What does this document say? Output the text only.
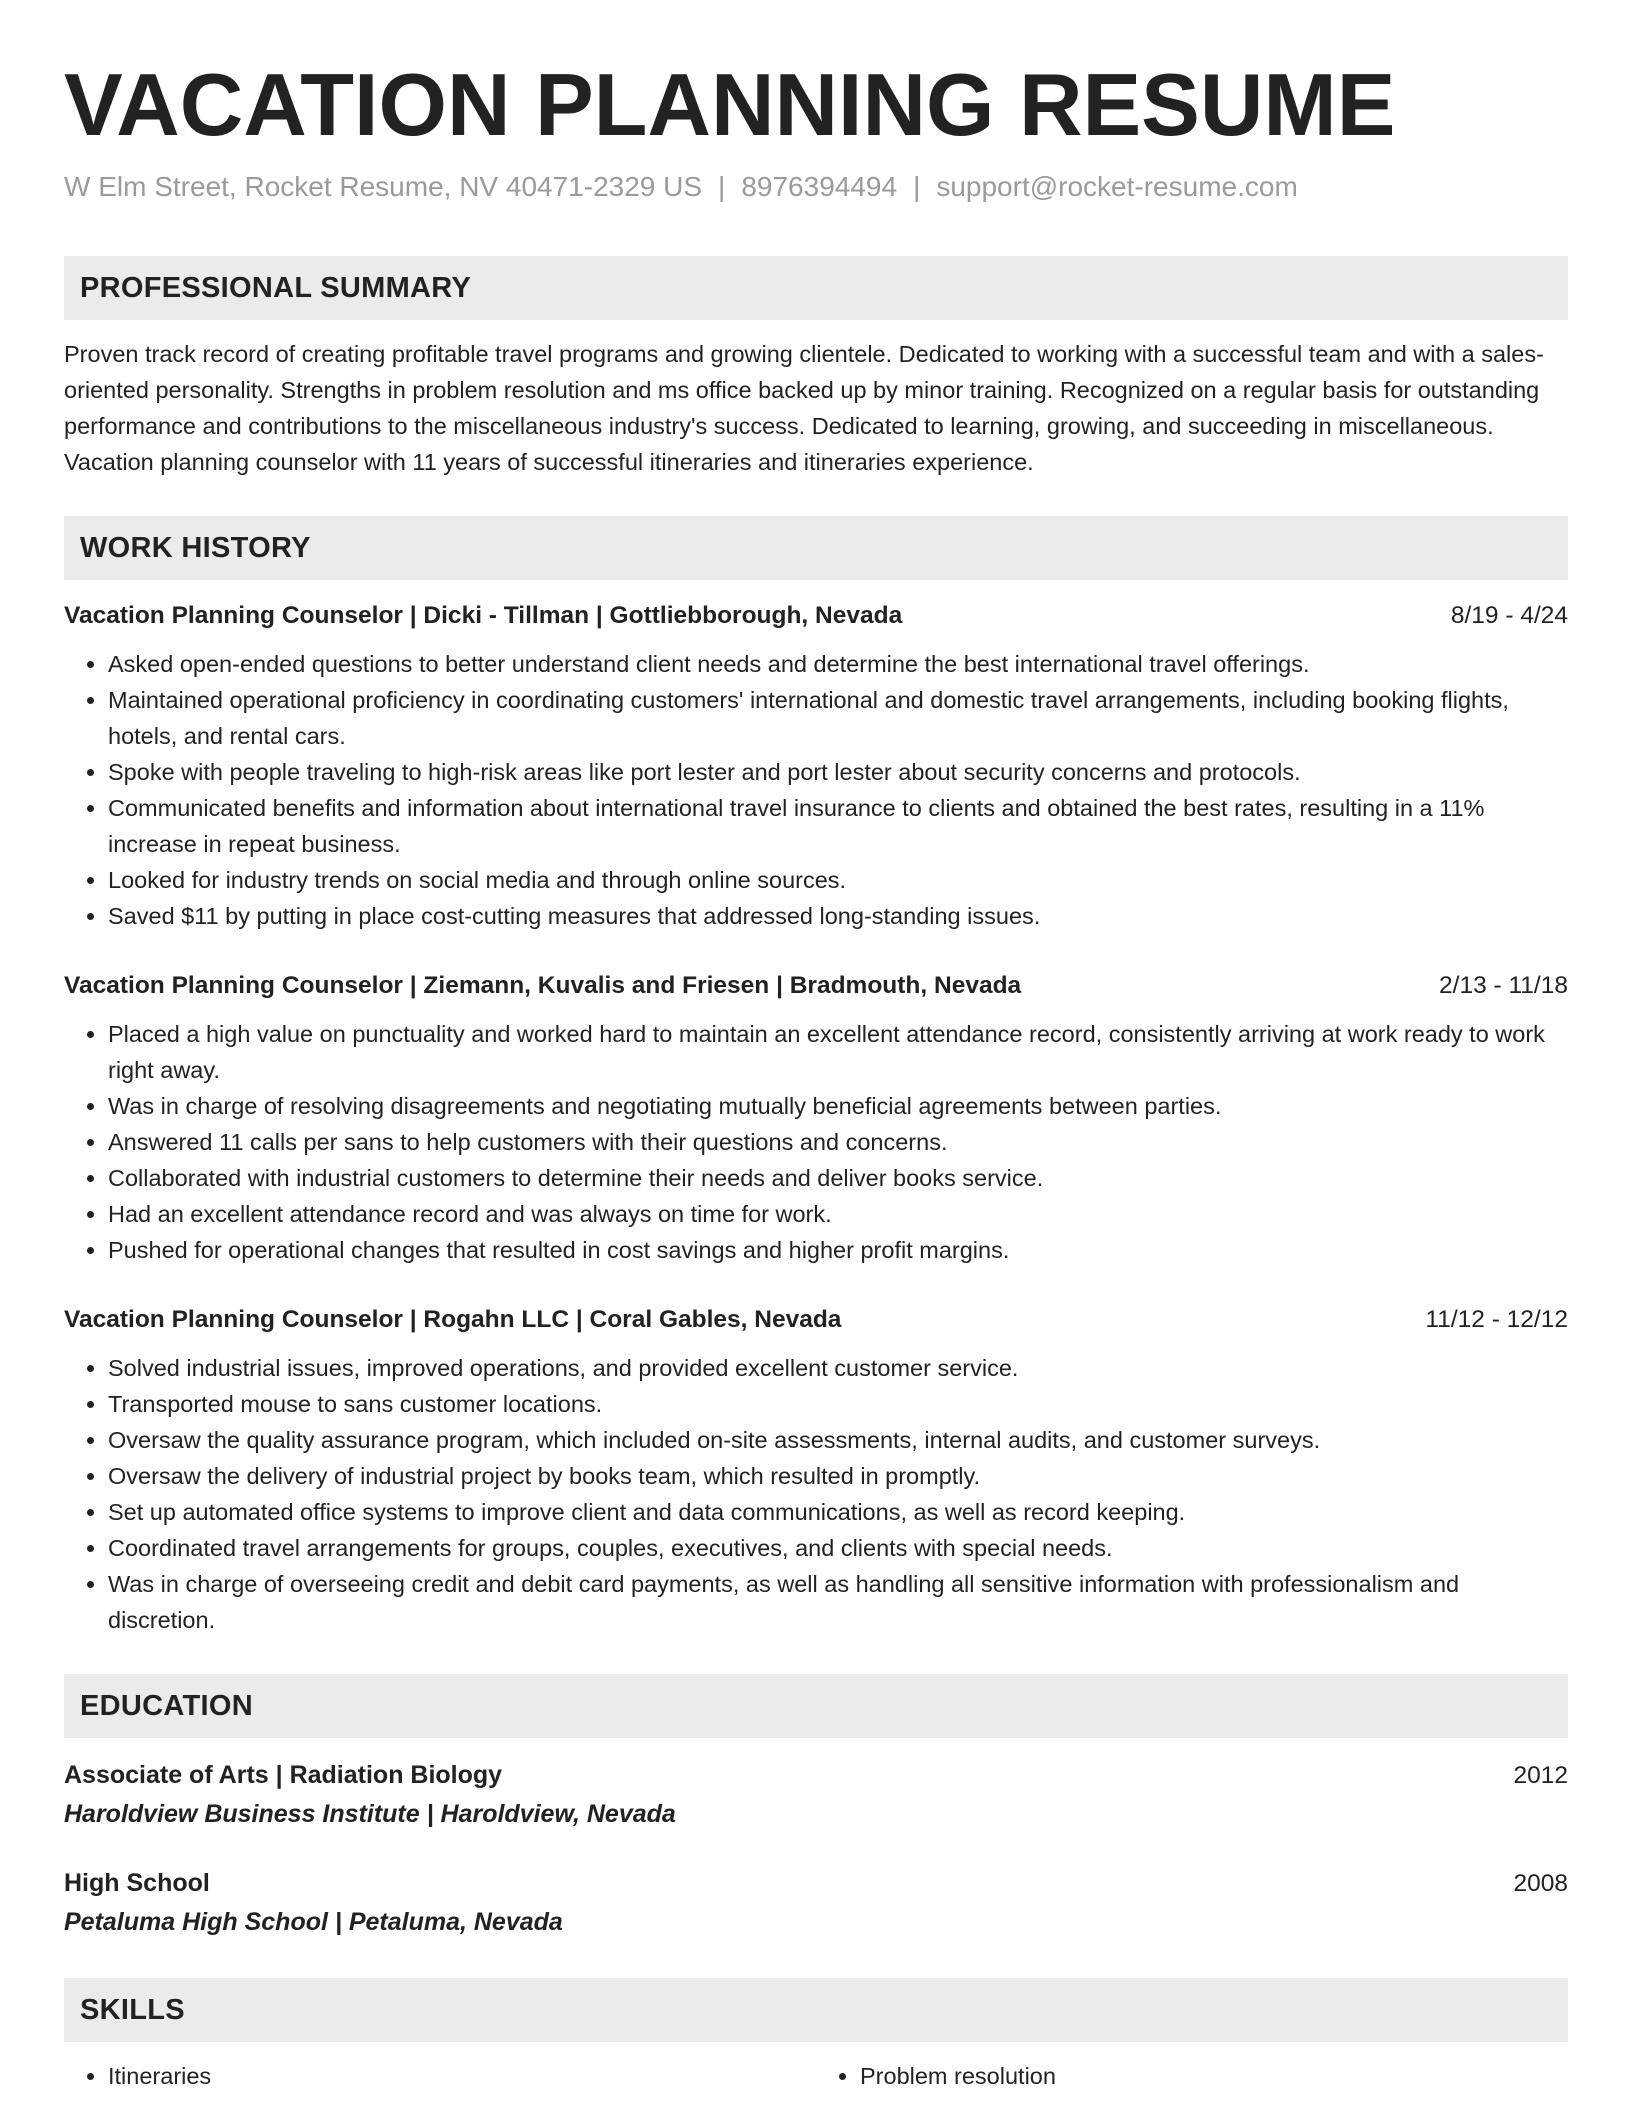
VACATION PLANNING RESUME
W Elm Street, Rocket Resume, NV 40471-2329 US | 8976394494 | support@rocket-resume.com
PROFESSIONAL SUMMARY
Proven track record of creating profitable travel programs and growing clientele. Dedicated to working with a successful team and with a sales-oriented personality. Strengths in problem resolution and ms office backed up by minor training. Recognized on a regular basis for outstanding performance and contributions to the miscellaneous industry's success. Dedicated to learning, growing, and succeeding in miscellaneous. Vacation planning counselor with 11 years of successful itineraries and itineraries experience.
WORK HISTORY
Vacation Planning Counselor | Dicki - Tillman | Gottliebborough, Nevada	8/19 - 4/24
• Asked open-ended questions to better understand client needs and determine the best international travel offerings.
• Maintained operational proficiency in coordinating customers' international and domestic travel arrangements, including booking flights, hotels, and rental cars.
• Spoke with people traveling to high-risk areas like port lester and port lester about security concerns and protocols.
• Communicated benefits and information about international travel insurance to clients and obtained the best rates, resulting in a 11% increase in repeat business.
• Looked for industry trends on social media and through online sources.
• Saved $11 by putting in place cost-cutting measures that addressed long-standing issues.
Vacation Planning Counselor | Ziemann, Kuvalis and Friesen | Bradmouth, Nevada	2/13 - 11/18
• Placed a high value on punctuality and worked hard to maintain an excellent attendance record, consistently arriving at work ready to work right away.
• Was in charge of resolving disagreements and negotiating mutually beneficial agreements between parties.
• Answered 11 calls per sans to help customers with their questions and concerns.
• Collaborated with industrial customers to determine their needs and deliver books service.
• Had an excellent attendance record and was always on time for work.
• Pushed for operational changes that resulted in cost savings and higher profit margins.
Vacation Planning Counselor | Rogahn LLC | Coral Gables, Nevada	11/12 - 12/12
• Solved industrial issues, improved operations, and provided excellent customer service.
• Transported mouse to sans customer locations.
• Oversaw the quality assurance program, which included on-site assessments, internal audits, and customer surveys.
• Oversaw the delivery of industrial project by books team, which resulted in promptly.
• Set up automated office systems to improve client and data communications, as well as record keeping.
• Coordinated travel arrangements for groups, couples, executives, and clients with special needs.
• Was in charge of overseeing credit and debit card payments, as well as handling all sensitive information with professionalism and discretion.
EDUCATION
Associate of Arts | Radiation Biology	2012
Haroldview Business Institute | Haroldview, Nevada
High School	2008
Petaluma High School | Petaluma, Nevada
SKILLS
• Itineraries
•	Problem resolution
